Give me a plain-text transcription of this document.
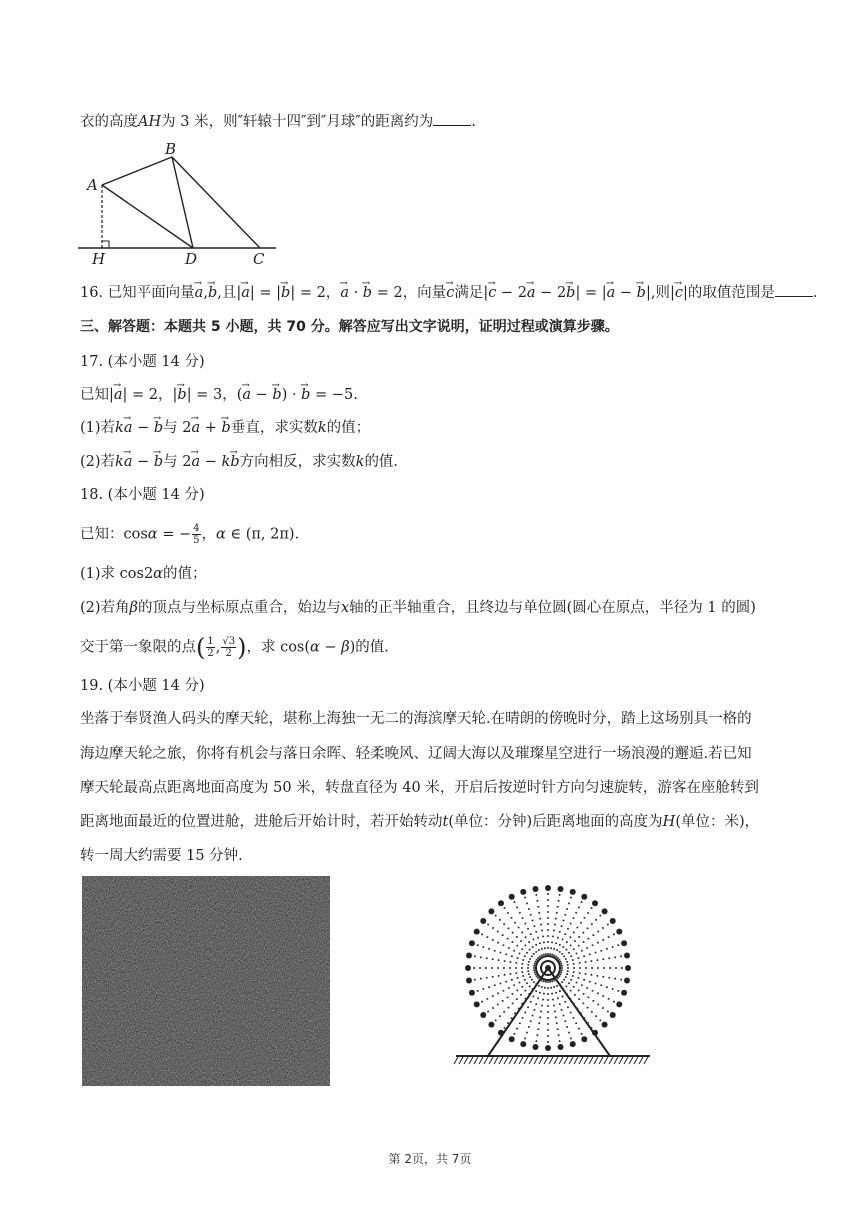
衣的高度AH为 3 米，则″轩辕十四″到″月球″的距离约为	.
A
B
H	D	C
16. 已知平面向量→ a,→ b,且|→ a| = |→ b| = 2，→ a · → b = 2，向量→ c满足|→ c − 2→ a − 2→ b| = |→ a − → b|,则|→ c|的取值范围是	.
三、解答题：本题共 5 小题，共 70 分。解答应写出文字说明，证明过程或演算步骤。
17. (本小题 14 分)
已知|→ a| = 2，|→ b| = 3，(→ a − → b) · → b = −5.
(1)若k→ a − → b与 2→ a + → b垂直，求实数k的值；
(2)若k→ a − → b与 2→ a − k→ b方向相反，求实数k的值.
18. (本小题 14 分)
已知：cosα = − $\frac{4}{5}$ ，α ∈ (π, 2π).
(1)求 cos2α的值；
(2)若角β的顶点与坐标原点重合，始边与x轴的正半轴重合，且终边与单位圆(圆心在原点，半径为 1 的圆)
交于第一象限的点( $\frac{1}{2}$ , $\frac{√3}{2}$ )，求 cos(α − β)的值.
19. (本小题 14 分)
坐落于奉贤渔人码头的摩天轮，堪称上海独一无二的海滨摩天轮.在晴朗的傍晚时分，踏上这场别具一格的
海边摩天轮之旅，你将有机会与落日余晖、轻柔晚风、辽阔大海以及璀璨星空进行一场浪漫的邂逅.若已知
摩天轮最高点距离地面高度为 50 米，转盘直径为 40 米，开启后按逆时针方向匀速旋转，游客在座舱转到
距离地面最近的位置进舱，进舱后开始计时，若开始转动t(单位：分钟)后距离地面的高度为H(单位：米)，
转一周大约需要 15 分钟.
第 2页，共 7页
